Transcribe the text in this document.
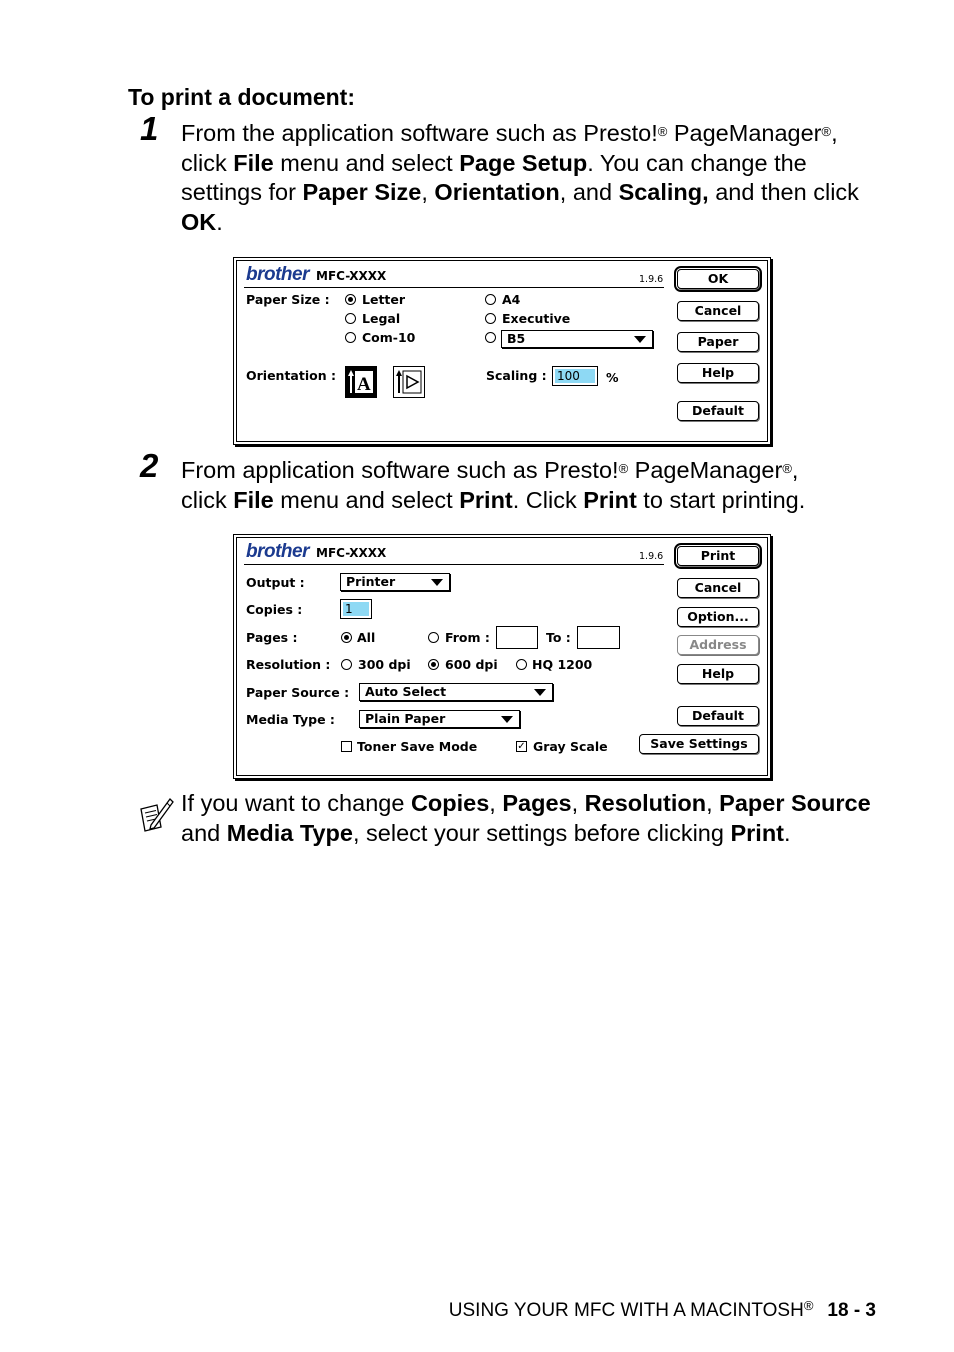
To print a document:
1 From the application software such as Presto!® PageManager®,
click File menu and select Page Setup. You can change the settings for Paper Size, Orientation, and Scaling, and then click OK.
brother MFC-XXXX	1.9.6
Paper Size :	Letter
Legal
Com-10
A4
Executive
B5
Orientation : A	Scaling : 100	%
OK
Cancel
Paper
Help
Default
2 From application software such as Presto!® PageManager®,
click File menu and select Print. Click Print to start printing.
brother MFC-XXXX	1.9.6
Output :	Printer
Copies :	1
Pages :	All	From :	To :
Resolution : 300 dpi	600 dpi	HQ 1200
Paper Source :	Auto Select
Media Type :	Plain Paper
Toner Save Mode	✓ Gray Scale
Print
Cancel
Option...
Address
Help
Default
Save Settings
If you want to change Copies, Pages, Resolution, Paper Source and Media Type, select your settings before clicking Print.
USING YOUR MFC WITH A MACINTOSH® 18 - 3
